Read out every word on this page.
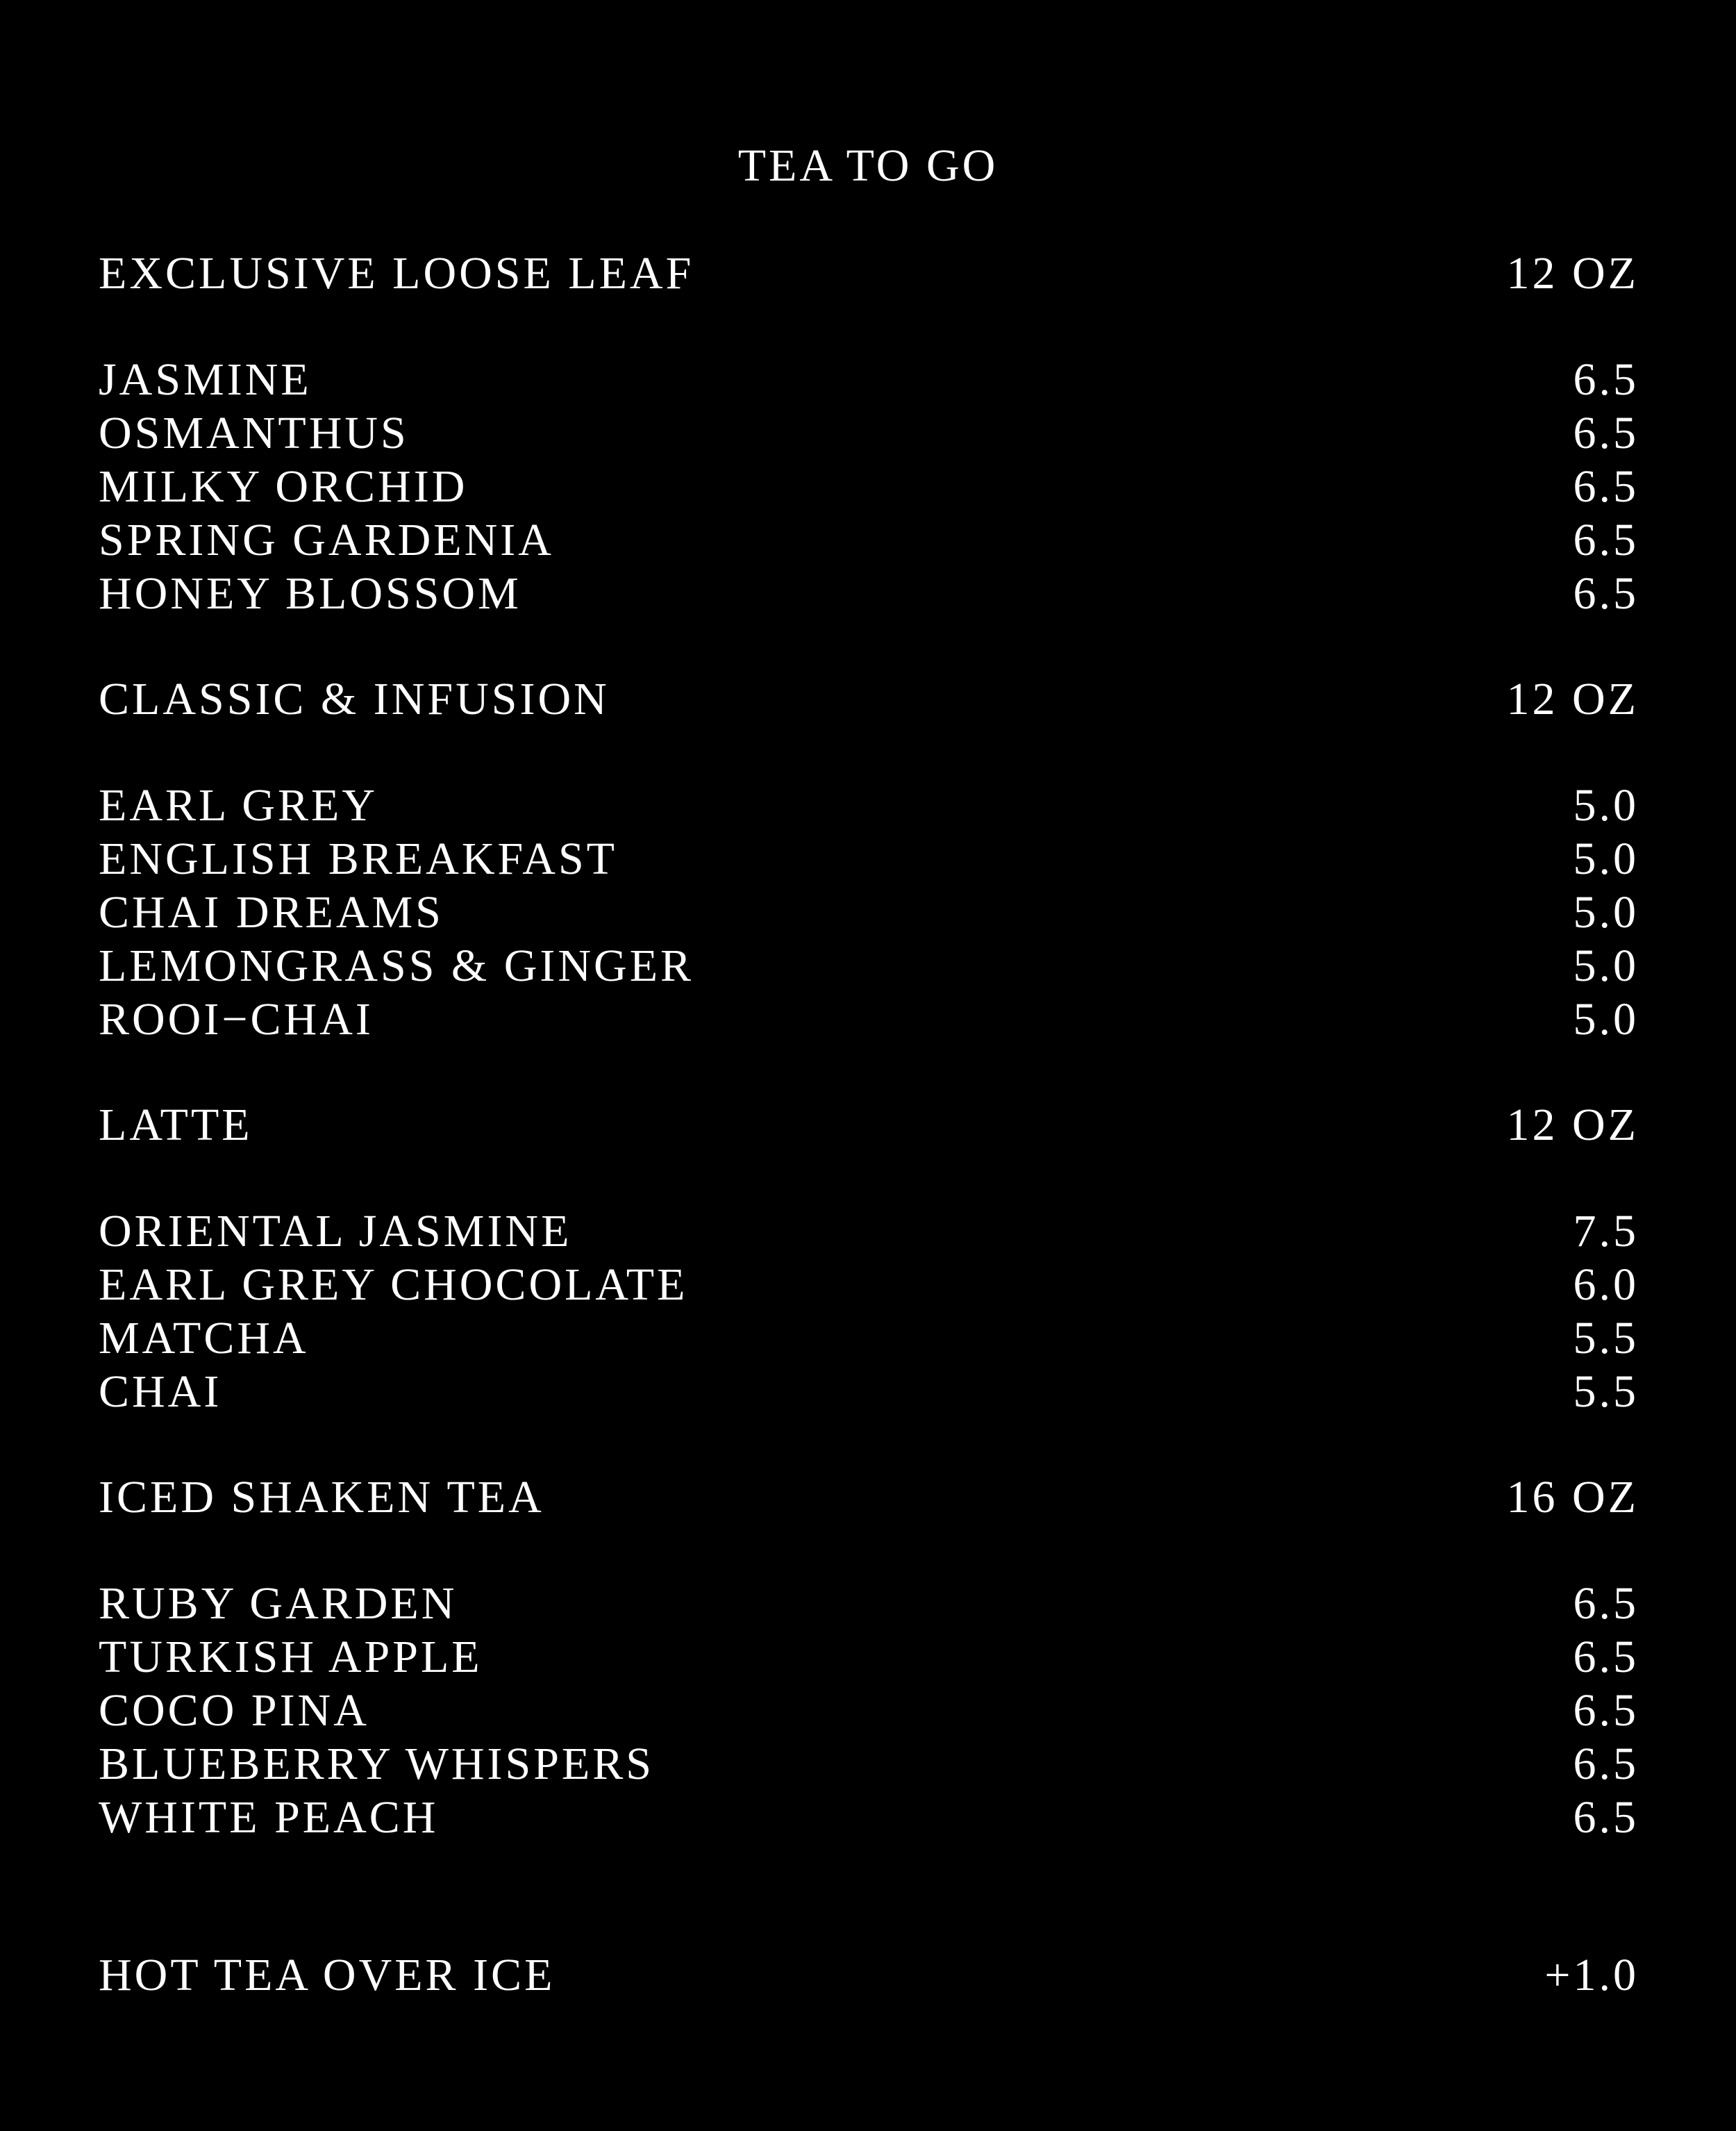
TEA TO GO
EXCLUSIVE LOOSE LEAF	12 OZ
JASMINE	6.5
OSMANTHUS	6.5
MILKY ORCHID	6.5
SPRING GARDENIA	6.5
HONEY BLOSSOM	6.5
CLASSIC & INFUSION	12 OZ
EARL GREY	5.0
ENGLISH BREAKFAST	5.0
CHAI DREAMS	5.0
LEMONGRASS & GINGER	5.0
ROOI−CHAI	5.0
LATTE	12 OZ
ORIENTAL JASMINE	7.5
EARL GREY CHOCOLATE	6.0
MATCHA	5.5
CHAI	5.5
ICED SHAKEN TEA	16 OZ
RUBY GARDEN	6.5
TURKISH APPLE	6.5
COCO PINA	6.5
BLUEBERRY WHISPERS	6.5
WHITE PEACH	6.5
HOT TEA OVER ICE	+1.0
